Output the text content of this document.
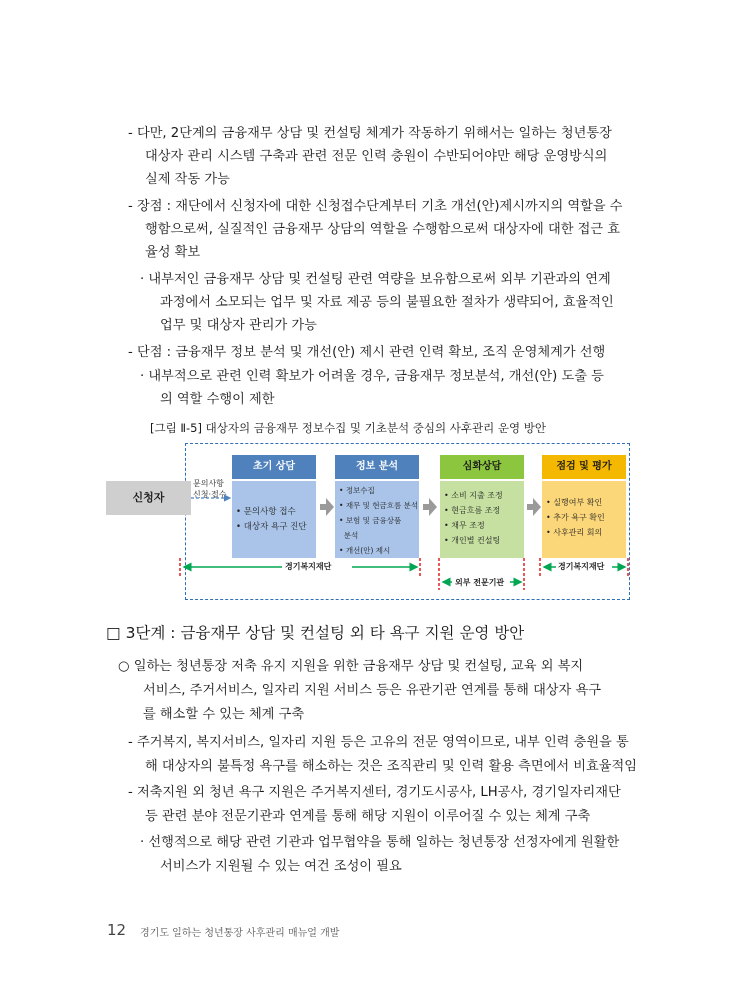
- 다만, 2단계의 금융재무 상담 및 컨설팅 체계가 작동하기 위해서는 일하는 청년통장
대상자 관리 시스템 구축과 관련 전문 인력 충원이 수반되어야만 해당 운영방식의
실제 작동 가능
- 장점 : 재단에서 신청자에 대한 신청접수단계부터 기초 개선(안)제시까지의 역할을 수
행함으로써, 실질적인 금융재무 상담의 역할을 수행함으로써 대상자에 대한 접근 효
율성 확보
· 내부저인 금융재무 상담 및 컨설팅 관련 역량을 보유함으로써 외부 기관과의 연계
과정에서 소모되는 업무 및 자료 제공 등의 불필요한 절차가 생략되어, 효율적인
업무 및 대상자 관리가 가능
- 단점 : 금융재무 정보 분석 및 개선(안) 제시 관련 인력 확보, 조직 운영체계가 선행
· 내부적으로 관련 인력 확보가 어려울 경우, 금융재무 정보분석, 개선(안) 도출 등
의 역할 수행이 제한
[그림 Ⅱ-5] 대상자의 금융재무 정보수집 및 기초분석 중심의 사후관리 운영 방안
신청자
문의사항
신청·접수
초기 상담
• 문의사항 접수
• 대상자 욕구 진단
정보 분석
• 정보수집
• 재무 및 현금흐름 분석
• 보험 및 금융상품
분석
• 개선(안) 제시
심화상담
• 소비 지출 조정
• 현금흐름 조정
• 채무 조정
• 개인별 컨설팅
점검 및 평가
• 실행여부 확인
• 추가 욕구 확인
• 사후관리 회의
경기복지재단
외부 전문기관
경기복지재단
□ 3단계 : 금융재무 상담 및 컨설팅 외 타 욕구 지원 운영 방안
○ 일하는 청년통장 저축 유지 지원을 위한 금융재무 상담 및 컨설팅, 교육 외 복지
서비스, 주거서비스, 일자리 지원 서비스 등은 유관기관 연계를 통해 대상자 욕구
를 해소할 수 있는 체계 구축
- 주거복지, 복지서비스, 일자리 지원 등은 고유의 전문 영역이므로, 내부 인력 충원을 통
해 대상자의 불특정 욕구를 해소하는 것은 조직관리 및 인력 활용 측면에서 비효율적임
- 저축지원 외 청년 욕구 지원은 주거복지센터, 경기도시공사, LH공사, 경기일자리재단
등 관련 분야 전문기관과 연계를 통해 해당 지원이 이루어질 수 있는 체계 구축
· 선행적으로 해당 관련 기관과 업무협약을 통해 일하는 청년통장 선정자에게 원활한
서비스가 지원될 수 있는 여건 조성이 필요
12 경기도 일하는 청년통장 사후관리 매뉴얼 개발
